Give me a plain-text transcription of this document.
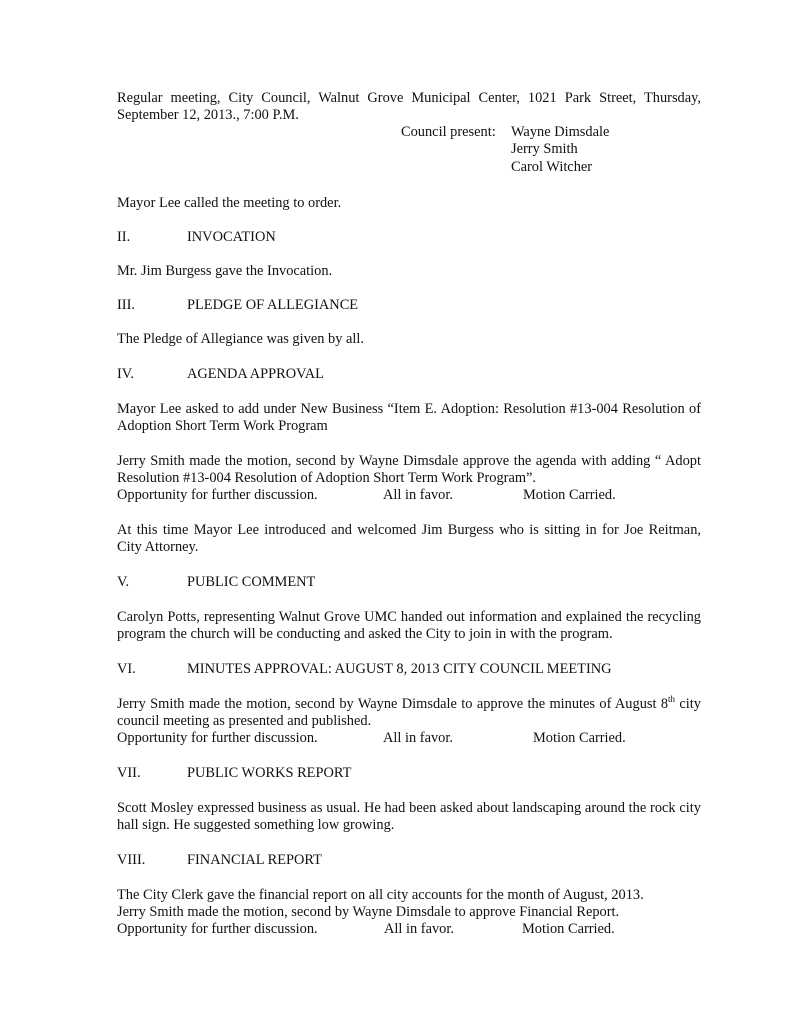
Regular meeting, City Council, Walnut Grove Municipal Center, 1021 Park Street, Thursday,
September 12, 2013., 7:00 P.M.
Council present: Wayne Dimsdale
Jerry Smith
Carol Witcher
Mayor Lee called the meeting to order.
II.	INVOCATION
Mr. Jim Burgess gave the Invocation.
III.	PLEDGE OF ALLEGIANCE
The Pledge of Allegiance was given by all.
IV.	AGENDA APPROVAL
Mayor Lee asked to add under New Business “Item E. Adoption: Resolution #13-004 Resolution of Adoption Short Term Work Program
Jerry Smith made the motion, second by Wayne Dimsdale approve the agenda with adding “ Adopt Resolution #13-004 Resolution of Adoption Short Term Work Program”.
Opportunity for further discussion.	All in favor.	Motion Carried.
At this time Mayor Lee introduced and welcomed Jim Burgess who is sitting in for Joe Reitman, City Attorney.
V.	PUBLIC COMMENT
Carolyn Potts, representing Walnut Grove UMC handed out information and explained the recycling program the church will be conducting and asked the City to join in with the program.
VI.	MINUTES APPROVAL: AUGUST 8, 2013 CITY COUNCIL MEETING
Jerry Smith made the motion, second by Wayne Dimsdale to approve the minutes of August 8th city council meeting as presented and published.
Opportunity for further discussion.	All in favor.	Motion Carried.
VII.	PUBLIC WORKS REPORT
Scott Mosley expressed business as usual. He had been asked about landscaping around the rock city hall sign. He suggested something low growing.
VIII.	FINANCIAL REPORT
The City Clerk gave the financial report on all city accounts for the month of August, 2013.
Jerry Smith made the motion, second by Wayne Dimsdale to approve Financial Report.
Opportunity for further discussion.	All in favor.	Motion Carried.
